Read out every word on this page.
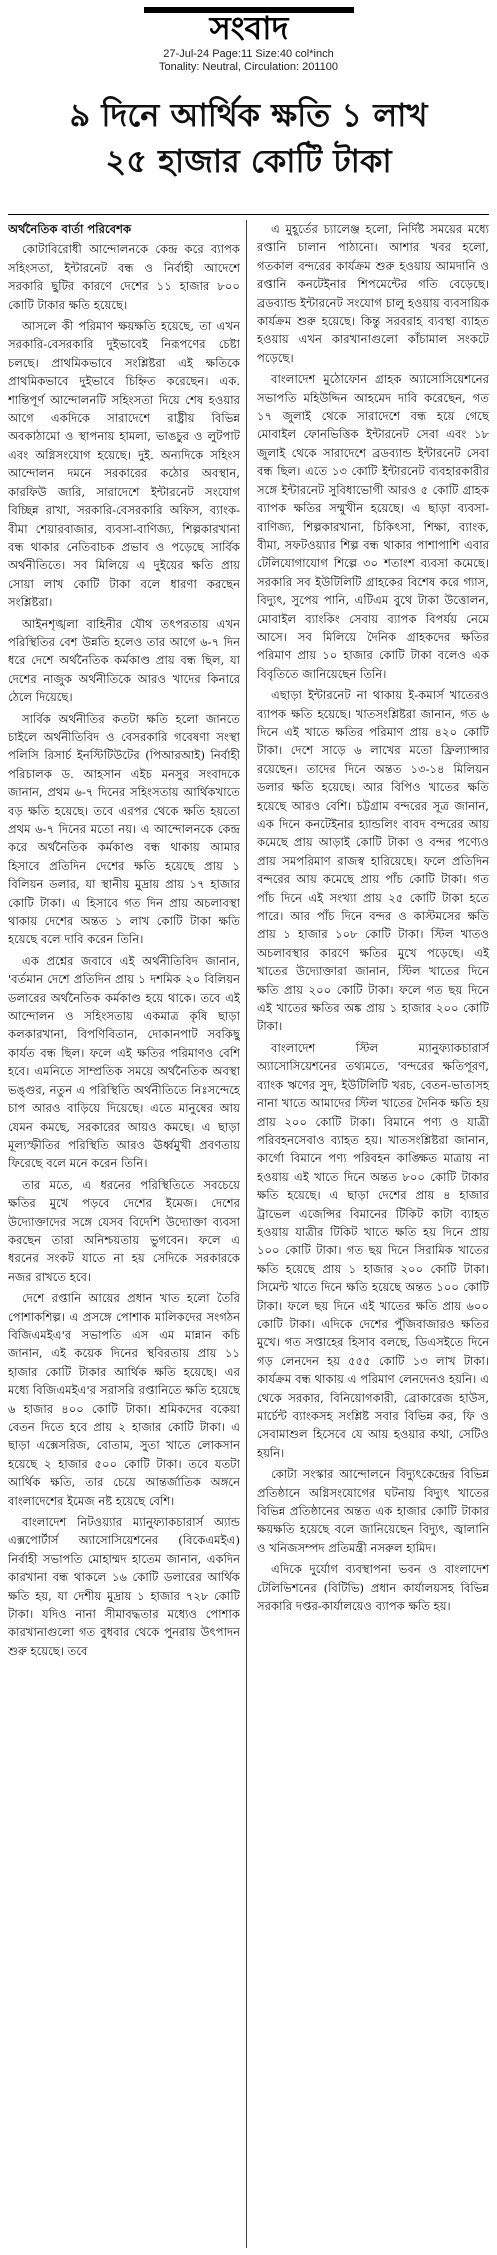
সংবাদ
27-Jul-24 Page:11 Size:40 col*inch
Tonality: Neutral, Circulation: 201100
৯ দিনে আর্থিক ক্ষতি ১ লাখ
২৫ হাজার কোটি টাকা
অর্থনৈতিক বার্তা পরিবেশক

কোটাবিরোধী আন্দোলনকে কেন্দ্র করে ব্যাপক সহিংসতা, ইন্টারনেট বন্ধ ও নির্বাহী আদেশে সরকারি ছুটির কারণে দেশের ১১ হাজার ৮০০ কোটি টাকার ক্ষতি হয়েছে।

আসলে কী পরিমাণ ক্ষয়ক্ষতি হয়েছে, তা এখন সরকারি-বেসরকারি দুইভাবেই নিরূপণের চেষ্টা চলছে। প্রাথমিকভাবে সংশ্লিষ্টরা এই ক্ষতিকে প্রাথমিকভাবে দুইভাবে চিহ্নিত করেছেন। এক. শান্তিপূর্ণ আন্দোলনটি সহিংসতা দিয়ে শেষ হওয়ার আগে একদিকে সারাদেশে রাষ্ট্রীয় বিভিন্ন অবকাঠামো ও স্থাপনায় হামলা, ভাঙচুর ও লুটপাট এবং অগ্নিসংযোগ হয়েছে। দুই. অন্যদিকে সহিংস আন্দোলন দমনে সরকারের কঠোর অবস্থান, কারফিউ জারি, সারাদেশে ইন্টারনেট সংযোগ বিচ্ছিন্ন রাখা, সরকারি-বেসরকারি অফিস, ব্যাংক-বীমা শেয়ারবাজার, ব্যবসা-বাণিজ্য, শিল্পকারখানা বন্ধ থাকার নেতিবাচক প্রভাব ও পড়েছে সার্বিক অর্থনীতিতে। সব মিলিয়ে এ দুইয়ের ক্ষতি প্রায় সোয়া লাখ কোটি টাকা বলে ধারণা করছেন সংশ্লিষ্টরা।

আইনশৃঙ্খলা বাহিনীর যৌথ তৎপরতায় এখন পরিস্থিতির বেশ উন্নতি হলেও তার আগে ৬-৭ দিন ধরে দেশে অর্থনৈতিক কর্মকাণ্ড প্রায় বন্ধ ছিল, যা দেশের নাজুক অর্থনীতিকে আরও খাদের কিনারে ঠেলে দিয়েছে।

সার্বিক অর্থনীতির কতটা ক্ষতি হলো জানতে চাইলে অর্থনীতিবিদ ও বেসরকারি গবেষণা সংস্থা পলিসি রিসার্চ ইনস্টিটিউটের (পিআরআই) নির্বাহী পরিচালক ড. আহসান এইচ মনসুর সংবাদকে জানান, প্রথম ৬-৭ দিনের সহিংসতায় আর্থিকখাতে বড় ক্ষতি হয়েছে। তবে এরপর থেকে ক্ষতি হয়তো প্রথম ৬-৭ দিনের মতো নয়। এ আন্দোলনকে কেন্দ্র করে অর্থনৈতিক কর্মকাণ্ড বন্ধ থাকায় আমার হিসাবে প্রতিদিন দেশের ক্ষতি হয়েছে প্রায় ১ বিলিয়ন ডলার, যা স্থানীয় মুদ্রায় প্রায় ১৭ হাজার কোটি টাকা। এ হিসাবে গত দিন প্রায় অচলাবস্থা থাকায় দেশের অন্তত ১ লাখ কোটি টাকা ক্ষতি হয়েছে বলে দাবি করেন তিনি।

এক প্রশ্নের জবাবে এই অর্থনীতিবিদ জানান, 'বর্তমান দেশে প্রতিদিন প্রায় ১ দশমিক ২০ বিলিয়ন ডলারের অর্থনৈতিক কর্মকাণ্ড হয়ে থাকে। তবে এই আন্দোলন ও সহিংসতায় একমাত্র কৃষি ছাড়া কলকারখানা, বিপণিবিতান, দোকানপাট সবকিছু কার্যত বন্ধ ছিল। ফলে এই ক্ষতির পরিমাণও বেশি হবে। এমনিতে সাম্প্রতিক সময়ে অর্থনৈতিক অবস্থা ভঙ্গুর, নতুন এ পরিস্থিতি অর্থনীতিতে নিঃসন্দেহে চাপ আরও বাড়িয়ে দিয়েছে। এতে মানুষের আয় যেমন কমছে, সরকারের আয়ও কমছে। এ ছাড়া মূল্যস্ফীতির পরিস্থিতি আরও ঊর্ধ্বমুখী প্রবণতায় ফিরেছে বলে মনে করেন তিনি।

তার মতে, এ ধরনের পরিস্থিতিতে সবচেয়ে ক্ষতির মুখে পড়বে দেশের ইমেজ। দেশের উদ্যোক্তাদের সঙ্গে যেসব বিদেশি উদ্যোক্তা ব্যবসা করছেন তারা অনিশ্চয়তায় ভুগবেন। ফলে এ ধরনের সংকট যাতে না হয় সেদিকে সরকারকে নজর রাখতে হবে।

দেশে রপ্তানি আয়ের প্রধান খাত হলো তৈরি পোশাকশিল্প। এ প্রসঙ্গে পোশাক মালিকদের সংগঠন বিজিএমইএ'র সভাপতি এস এম মান্নান কচি জানান, এই কয়েক দিনের স্থবিরতায় প্রায় ১১ হাজার কোটি টাকার আর্থিক ক্ষতি হয়েছে। এর মধ্যে বিজিএমইএ'র সরাসরি রপ্তানিতে ক্ষতি হয়েছে ৬ হাজার ৪০০ কোটি টাকা। শ্রমিকদের বকেয়া বেতন দিতে হবে প্রায় ২ হাজার কোটি টাকা। এ ছাড়া এক্সেসরিজ, বোতাম, সুতা খাতে লোকসান হয়েছে ২ হাজার ৫০০ কোটি টাকা। তবে যতটা আর্থিক ক্ষতি, তার চেয়ে আন্তর্জাতিক অঙ্গনে বাংলাদেশের ইমেজ নষ্ট হয়েছে বেশি।

বাংলাদেশ নিটওয়্যার ম্যানুফ্যাকচারার্স অ্যান্ড এক্সপোর্টার্স অ্যাসোসিয়েশনের (বিকেএমইএ) নির্বাহী সভাপতি মোহাম্মদ হাতেম জানান, একদিন কারখানা বন্ধ থাকলে ১৬ কোটি ডলারের আর্থিক ক্ষতি হয়, যা দেশীয় মুদ্রায় ১ হাজার ৭২৮ কোটি টাকা। যদিও নানা সীমাবদ্ধতার মধ্যেও পোশাক কারখানাগুলো গত বুধবার থেকে পুনরায় উৎপাদন শুরু হয়েছে। তবে

এ মুহূর্তের চ্যালেঞ্জ হলো, নির্দিষ্ট সময়ের মধ্যে রপ্তানি চালান পাঠানো। আশার খবর হলো, গতকাল বন্দরের কার্যক্রম শুরু হওয়ায় আমদানি ও রপ্তানি কনটেইনার শিপমেন্টের গতি বেড়েছে। ব্রডব্যান্ড ইন্টারনেট সংযোগ চালু হওয়ায় ব্যবসায়িক কার্যক্রম শুরু হয়েছে। কিন্তু সরবরাহ ব্যবস্থা ব্যাহত হওয়ায় এখন কারখানাগুলো কাঁচামাল সংকটে পড়েছে।

বাংলাদেশ মুঠোফোন গ্রাহক অ্যাসোসিয়েশনের সভাপতি মহিউদ্দিন আহমেদ দাবি করেছেন, গত ১৭ জুলাই থেকে সারাদেশে বন্ধ হয়ে গেছে মোবাইল ফোনভিত্তিক ইন্টারনেট সেবা এবং ১৮ জুলাই থেকে সারাদেশে ব্রডব্যান্ড ইন্টারনেট সেবা বন্ধ ছিল। এতে ১৩ কোটি ইন্টারনেট ব্যবহারকারীর সঙ্গে ইন্টারনেট সুবিধাভোগী আরও ৫ কোটি গ্রাহক ব্যাপক ক্ষতির সম্মুখীন হয়েছে। এ ছাড়া ব্যবসা-বাণিজ্য, শিল্পকারখানা, চিকিৎসা, শিক্ষা, ব্যাংক, বীমা, সফটওয়্যার শিল্প বন্ধ থাকার পাশাপাশি এবার টেলিযোগাযোগ শিল্পে ৩০ শতাংশ ব্যবসা কমেছে। সরকারি সব ইউটিলিটি গ্রাহকের বিশেষ করে গ্যাস, বিদ্যুৎ, সুপেয় পানি, এটিএম বুথে টাকা উত্তোলন, মোবাইল ব্যাংকিং সেবায় ব্যাপক বিপর্যয় নেমে আসে। সব মিলিয়ে দৈনিক গ্রাহকদের ক্ষতির পরিমাণ প্রায় ১০ হাজার কোটি টাকা বলেও এক বিবৃতিতে জানিয়েছেন তিনি।

এছাড়া ইন্টারনেট না থাকায় ই-কমার্স খাতেরও ব্যাপক ক্ষতি হয়েছে। খাতসংশ্লিষ্টরা জানান, গত ৬ দিনে এই খাতে ক্ষতির পরিমাণ প্রায় ৪২০ কোটি টাকা। দেশে সাড়ে ৬ লাখের মতো ফ্রিল্যান্সার রয়েছেন। তাদের দিনে অন্তত ১৩-১৪ মিলিয়ন ডলার ক্ষতি হয়েছে। আর বিপিও খাতের ক্ষতি হয়েছে আরও বেশি। চট্টগ্রাম বন্দরের সূত্র জানান, এক দিনে কনটেইনার হ্যান্ডলিং বাবদ বন্দরের আয় কমেছে প্রায় আড়াই কোটি টাকা ও বন্দর পণ্যেও প্রায় সমপরিমাণ রাজস্ব হারিয়েছে। ফলে প্রতিদিন বন্দরের আয় কমেছে প্রায় পাঁচ কোটি টাকা। গত পাঁচ দিনে এই সংখ্যা প্রায় ২৫ কোটি টাকা হতে পারে। আর পাঁচ দিনে বন্দর ও কাস্টমসের ক্ষতি প্রায় ১ হাজার ১০৮ কোটি টাকা। স্টিল খাতও অচলাবস্থার কারণে ক্ষতির মুখে পড়েছে। এই খাতের উদ্যোক্তারা জানান, স্টিল খাতের দিনে ক্ষতি প্রায় ২০০ কোটি টাকা। ফলে গত ছয় দিনে এই খাতের ক্ষতির অঙ্ক প্রায় ১ হাজার ২০০ কোটি টাকা।

বাংলাদেশ স্টিল ম্যানুফ্যাকচারার্স অ্যাসোসিয়েশনের তথ্যমতে, 'বন্দরের ক্ষতিপূরণ, ব্যাংক ঋণের সুদ, ইউটিলিটি খরচ, বেতন-ভাতাসহ নানা খাতে আমাদের স্টিল খাতের দৈনিক ক্ষতি হয় প্রায় ২০০ কোটি টাকা। বিমানে পণ্য ও যাত্রী পরিবহনসেবাও ব্যাহত হয়। খাতসংশ্লিষ্টরা জানান, কার্গো বিমানে পণ্য পরিবহন কাঙ্ক্ষিত মাত্রায় না হওয়ায় এই খাতে দিনে অন্তত ৮০০ কোটি টাকার ক্ষতি হয়েছে। এ ছাড়া দেশের প্রায় ৪ হাজার ট্রাভেল এজেন্সির বিমানের টিকিট কাটা ব্যাহত হওয়ায় যাত্রীর টিকিট খাতে ক্ষতি হয় দিনে প্রায় ১০০ কোটি টাকা। গত ছয় দিনে সিরামিক খাতের ক্ষতি হয়েছে প্রায় ১ হাজার ২০০ কোটি টাকা। সিমেন্ট খাতে দিনে ক্ষতি হয়েছে অন্তত ১০০ কোটি টাকা। ফলে ছয় দিনে এই খাতের ক্ষতি প্রায় ৬০০ কোটি টাকা। এদিকে দেশের পুঁজিবাজারও ক্ষতির মুখে। গত সপ্তাহের হিসাব বলছে, ডিএসইতে দিনে গড় লেনদেন হয় ৫৫৫ কোটি ১৩ লাখ টাকা। কার্যক্রম বন্ধ থাকায় এ পরিমাণ লেনদেনও হয়নি। এ থেকে সরকার, বিনিয়োগকারী, ব্রোকারেজ হাউস, মার্চেন্ট ব্যাংকসহ সংশ্লিষ্ট সবার বিভিন্ন কর, ফি ও সেবামাশুল হিসেবে যে আয় হওয়ার কথা, সেটিও হয়নি।

কোটা সংস্কার আন্দোলনে বিদ্যুৎকেন্দ্রের বিভিন্ন প্রতিষ্ঠানে অগ্নিসংযোগের ঘটনায় বিদ্যুৎ খাতের বিভিন্ন প্রতিষ্ঠানের অন্তত এক হাজার কোটি টাকার ক্ষয়ক্ষতি হয়েছে বলে জানিয়েছেন বিদ্যুৎ, জ্বালানি ও খনিজসম্পদ প্রতিমন্ত্রী নসরুল হামিদ।

এদিকে দুর্যোগ ব্যবস্থাপনা ভবন ও বাংলাদেশ টেলিভিশনের (বিটিভি) প্রধান কার্যালয়সহ বিভিন্ন সরকারি দপ্তর-কার্যালয়েও ব্যাপক ক্ষতি হয়।
